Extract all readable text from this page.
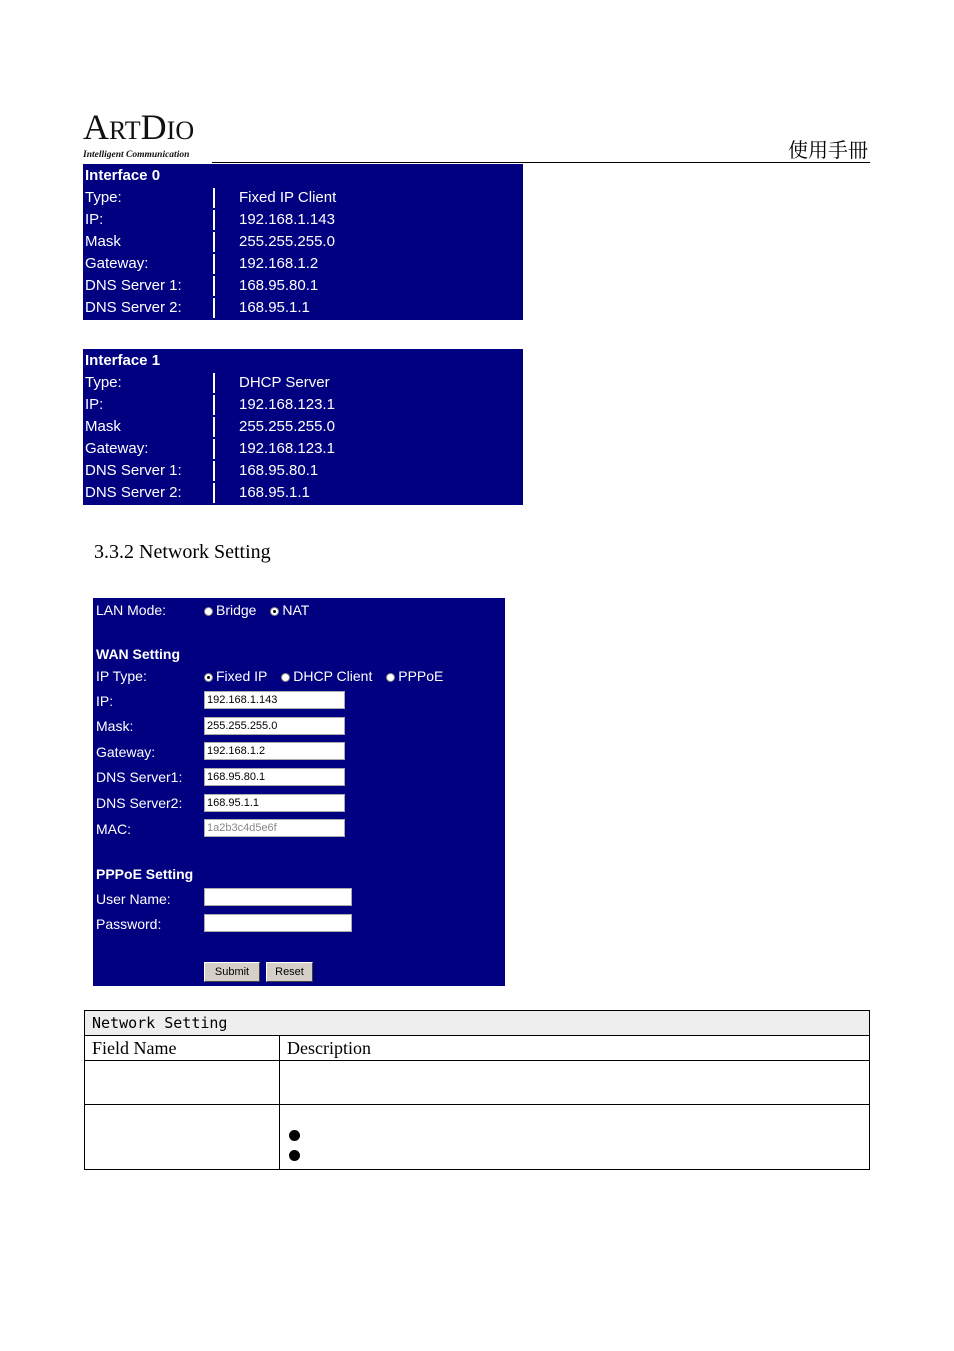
ARTDIO
Intelligent Communication	使用手冊
Interface 0	
Type:	Fixed IP Client
IP:	192.168.1.143
Mask	255.255.255.0
Gateway:	192.168.1.2
DNS Server 1:	168.95.80.1
DNS Server 2:	168.95.1.1
Interface 1	
Type:	DHCP Server
IP:	192.168.123.1
Mask	255.255.255.0
Gateway:	192.168.123.1
DNS Server 1:	168.95.80.1
DNS Server 2:	168.95.1.1
3.3.2 Network Setting
LAN Mode:	Bridge NAT
WAN Setting
IP Type:	Fixed IP DHCP Client PPPoE
IP:	192.168.1.143
Mask:	255.255.255.0
Gateway:	192.168.1.2
DNS Server1: 168.95.80.1
DNS Server2: 168.95.1.1
MAC:	1a2b3c4d5e6f
PPPoE Setting
User Name:
Password:
Submit	Reset
Network Setting	
Field Name	Description
